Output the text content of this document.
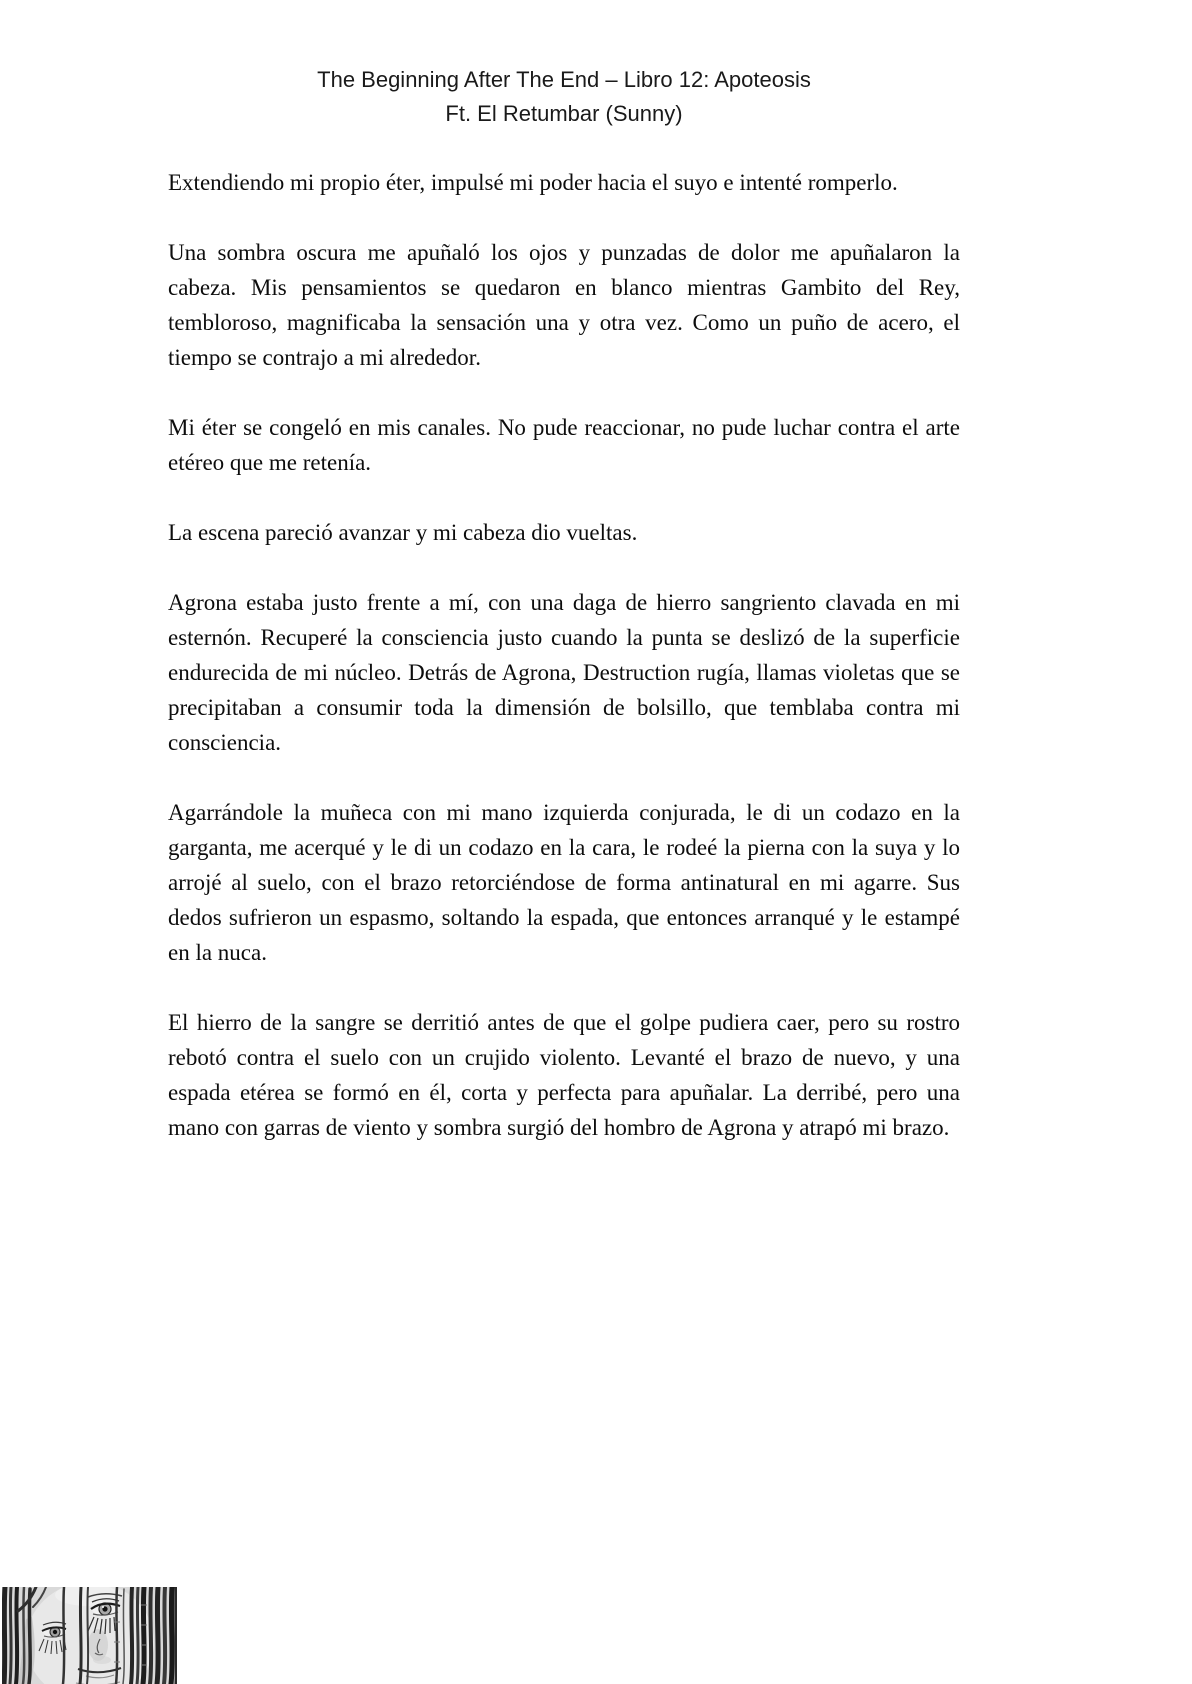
The Beginning After The End – Libro 12: Apoteosis
Ft. El Retumbar (Sunny)

Extendiendo mi propio éter, impulsé mi poder hacia el suyo e intenté romperlo.

Una sombra oscura me apuñaló los ojos y punzadas de dolor me apuñalaron la cabeza. Mis pensamientos se quedaron en blanco mientras Gambito del Rey, tembloroso, magnificaba la sensación una y otra vez. Como un puño de acero, el tiempo se contrajo a mi alrededor.

Mi éter se congeló en mis canales. No pude reaccionar, no pude luchar contra el arte etéreo que me retenía.

La escena pareció avanzar y mi cabeza dio vueltas.

Agrona estaba justo frente a mí, con una daga de hierro sangriento clavada en mi esternón. Recuperé la consciencia justo cuando la punta se deslizó de la superficie endurecida de mi núcleo. Detrás de Agrona, Destruction rugía, llamas violetas que se precipitaban a consumir toda la dimensión de bolsillo, que temblaba contra mi consciencia.

Agarrándole la muñeca con mi mano izquierda conjurada, le di un codazo en la garganta, me acerqué y le di un codazo en la cara, le rodeé la pierna con la suya y lo arrojé al suelo, con el brazo retorciéndose de forma antinatural en mi agarre. Sus dedos sufrieron un espasmo, soltando la espada, que entonces arranqué y le estampé en la nuca.

El hierro de la sangre se derritió antes de que el golpe pudiera caer, pero su rostro rebotó contra el suelo con un crujido violento. Levanté el brazo de nuevo, y una espada etérea se formó en él, corta y perfecta para apuñalar. La derribé, pero una mano con garras de viento y sombra surgió del hombro de Agrona y atrapó mi brazo.
